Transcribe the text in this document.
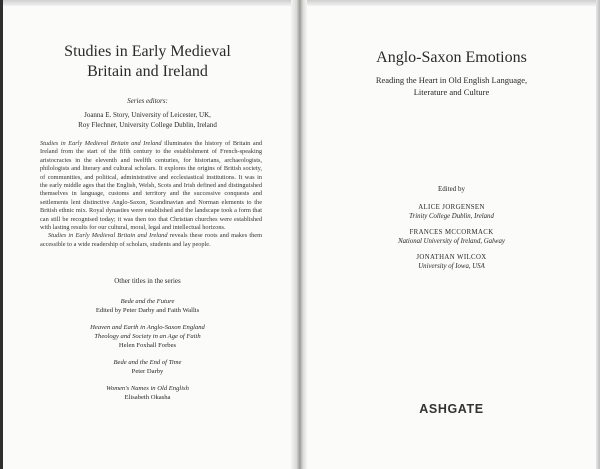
Studies in Early Medieval
Britain and Ireland
Series editors:
Joanna E. Story, University of Leicester, UK,
Roy Flechner, University College Dublin, Ireland

Studies in Early Medieval Britain and Ireland illuminates the history of Britain and Ireland from the start of the fifth century to the establishment of French-speaking aristocracies in the eleventh and twelfth centuries, for historians, archaeologists, philologists and literary and cultural scholars. It explores the origins of British society, of communities, and political, administrative and ecclesiastical institutions. It was in the early middle ages that the English, Welsh, Scots and Irish defined and distinguished themselves in language, customs and territory and the successive conquests and settlements lent distinctive Anglo-Saxon, Scandinavian and Norman elements to the British ethnic mix. Royal dynasties were established and the landscape took a form that can still be recognised today; it was then too that Christian churches were established with lasting results for our cultural, moral, legal and intellectual horizons.

Studies in Early Medieval Britain and Ireland reveals these roots and makes them accessible to a wide readership of scholars, students and lay people.

Other titles in the series
Bede and the Future
Edited by Peter Darby and Faith Wallis
Heaven and Earth in Anglo-Saxon England
Theology and Society in an Age of Faith
Helen Foxhall Forbes
Bede and the End of Time
Peter Darby
Women's Names in Old English
Elisabeth Okasha
Anglo-Saxon Emotions
Reading the Heart in Old English Language,
Literature and Culture
Edited by
ALICE JORGENSEN
Trinity College Dublin, Ireland
FRANCES MCCORMACK
National University of Ireland, Galway
JONATHAN WILCOX
University of Iowa, USA
ASHGATE
